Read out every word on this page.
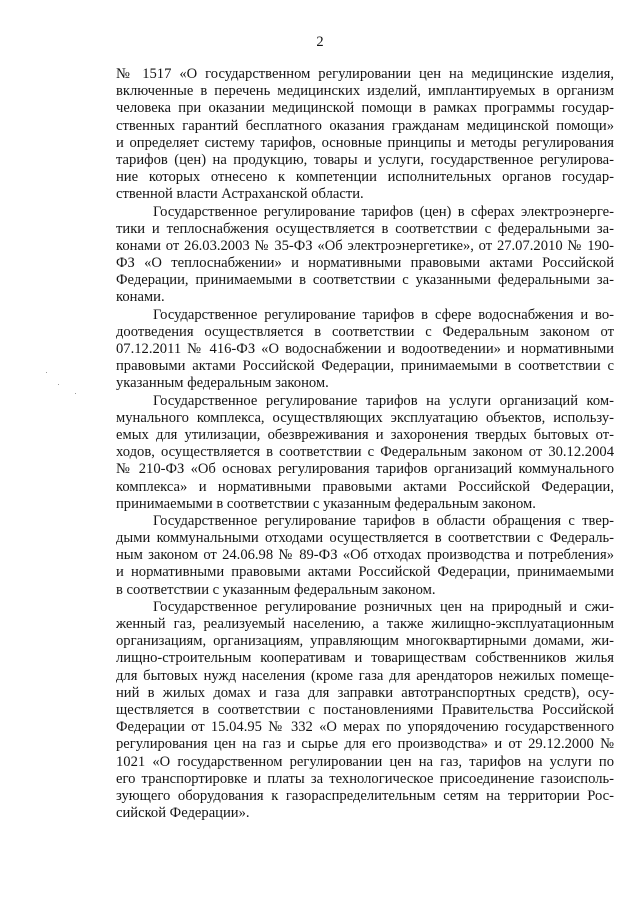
2
№ 1517 «О государственном регулировании цен на медицинские изделия,
включенные в перечень медицинских изделий, имплантируемых в организм
человека при оказании медицинской помощи в рамках программы государ-
ственных гарантий бесплатного оказания гражданам медицинской помощи»
и определяет систему тарифов, основные принципы и методы регулирования
тарифов (цен) на продукцию, товары и услуги, государственное регулирова-
ние которых отнесено к компетенции исполнительных органов государ-
ственной власти Астраханской области.
Государственное регулирование тарифов (цен) в сферах электроэнерге-
тики и теплоснабжения осуществляется в соответствии с федеральными за-
конами от 26.03.2003 № 35-ФЗ «Об электроэнергетике», от 27.07.2010 № 190-
ФЗ «О теплоснабжении» и нормативными правовыми актами Российской
Федерации, принимаемыми в соответствии с указанными федеральными за-
конами.
Государственное регулирование тарифов в сфере водоснабжения и во-
доотведения осуществляется в соответствии с Федеральным законом от
07.12.2011 № 416-ФЗ «О водоснабжении и водоотведении» и нормативными
правовыми актами Российской Федерации, принимаемыми в соответствии с
указанным федеральным законом.
Государственное регулирование тарифов на услуги организаций ком-
мунального комплекса, осуществляющих эксплуатацию объектов, использу-
емых для утилизации, обезвреживания и захоронения твердых бытовых от-
ходов, осуществляется в соответствии с Федеральным законом от 30.12.2004
№ 210-ФЗ «Об основах регулирования тарифов организаций коммунального
комплекса» и нормативными правовыми актами Российской Федерации,
принимаемыми в соответствии с указанным федеральным законом.
Государственное регулирование тарифов в области обращения с твер-
дыми коммунальными отходами осуществляется в соответствии с Федераль-
ным законом от 24.06.98 № 89-ФЗ «Об отходах производства и потребления»
и нормативными правовыми актами Российской Федерации, принимаемыми
в соответствии с указанным федеральным законом.
Государственное регулирование розничных цен на природный и сжи-
женный газ, реализуемый населению, а также жилищно-эксплуатационным
организациям, организациям, управляющим многоквартирными домами, жи-
лищно-строительным кооперативам и товариществам собственников жилья
для бытовых нужд населения (кроме газа для арендаторов нежилых помеще-
ний в жилых домах и газа для заправки автотранспортных средств), осу-
ществляется в соответствии с постановлениями Правительства Российской
Федерации от 15.04.95 № 332 «О мерах по упорядочению государственного
регулирования цен на газ и сырье для его производства» и от 29.12.2000 №
1021 «О государственном регулировании цен на газ, тарифов на услуги по
его транспортировке и платы за технологическое присоединение газоисполь-
зующего оборудования к газораспределительным сетям на территории Рос-
сийской Федерации».
